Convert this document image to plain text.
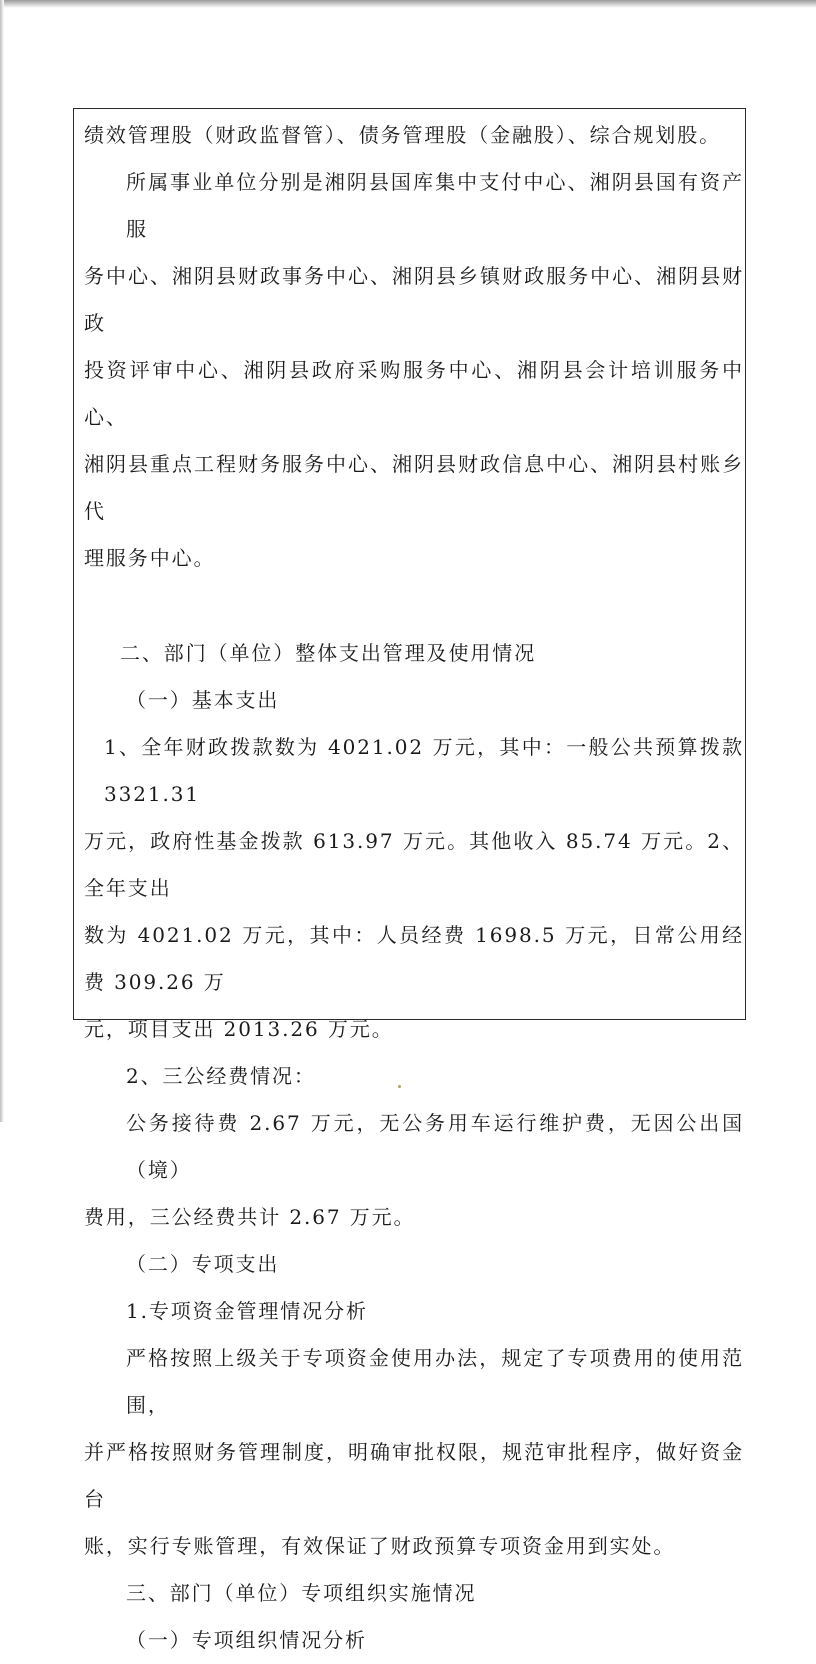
绩效管理股（财政监督管）、债务管理股（金融股）、综合规划股。

所属事业单位分别是湘阴县国库集中支付中心、湘阴县国有资产服
务中心、湘阴县财政事务中心、湘阴县乡镇财政服务中心、湘阴县财政
投资评审中心、湘阴县政府采购服务中心、湘阴县会计培训服务中心、
湘阴县重点工程财务服务中心、湘阴县财政信息中心、湘阴县村账乡代
理服务中心。

二、部门（单位）整体支出管理及使用情况

（一）基本支出

1、全年财政拨款数为 4021.02 万元，其中：一般公共预算拨款 3321.31
万元，政府性基金拨款 613.97 万元。其他收入 85.74 万元。2、全年支出
数为 4021.02 万元，其中：人员经费 1698.5 万元，日常公用经费 309.26 万
元，项目支出 2013.26 万元。

2、三公经费情况：

公务接待费 2.67 万元，无公务用车运行维护费，无因公出国（境）
费用，三公经费共计 2.67 万元。

（二）专项支出

1.专项资金管理情况分析

严格按照上级关于专项资金使用办法，规定了专项费用的使用范围，
并严格按照财务管理制度，明确审批权限，规范审批程序，做好资金台
账，实行专账管理，有效保证了财政预算专项资金用到实处。

三、部门（单位）专项组织实施情况

（一）专项组织情况分析
